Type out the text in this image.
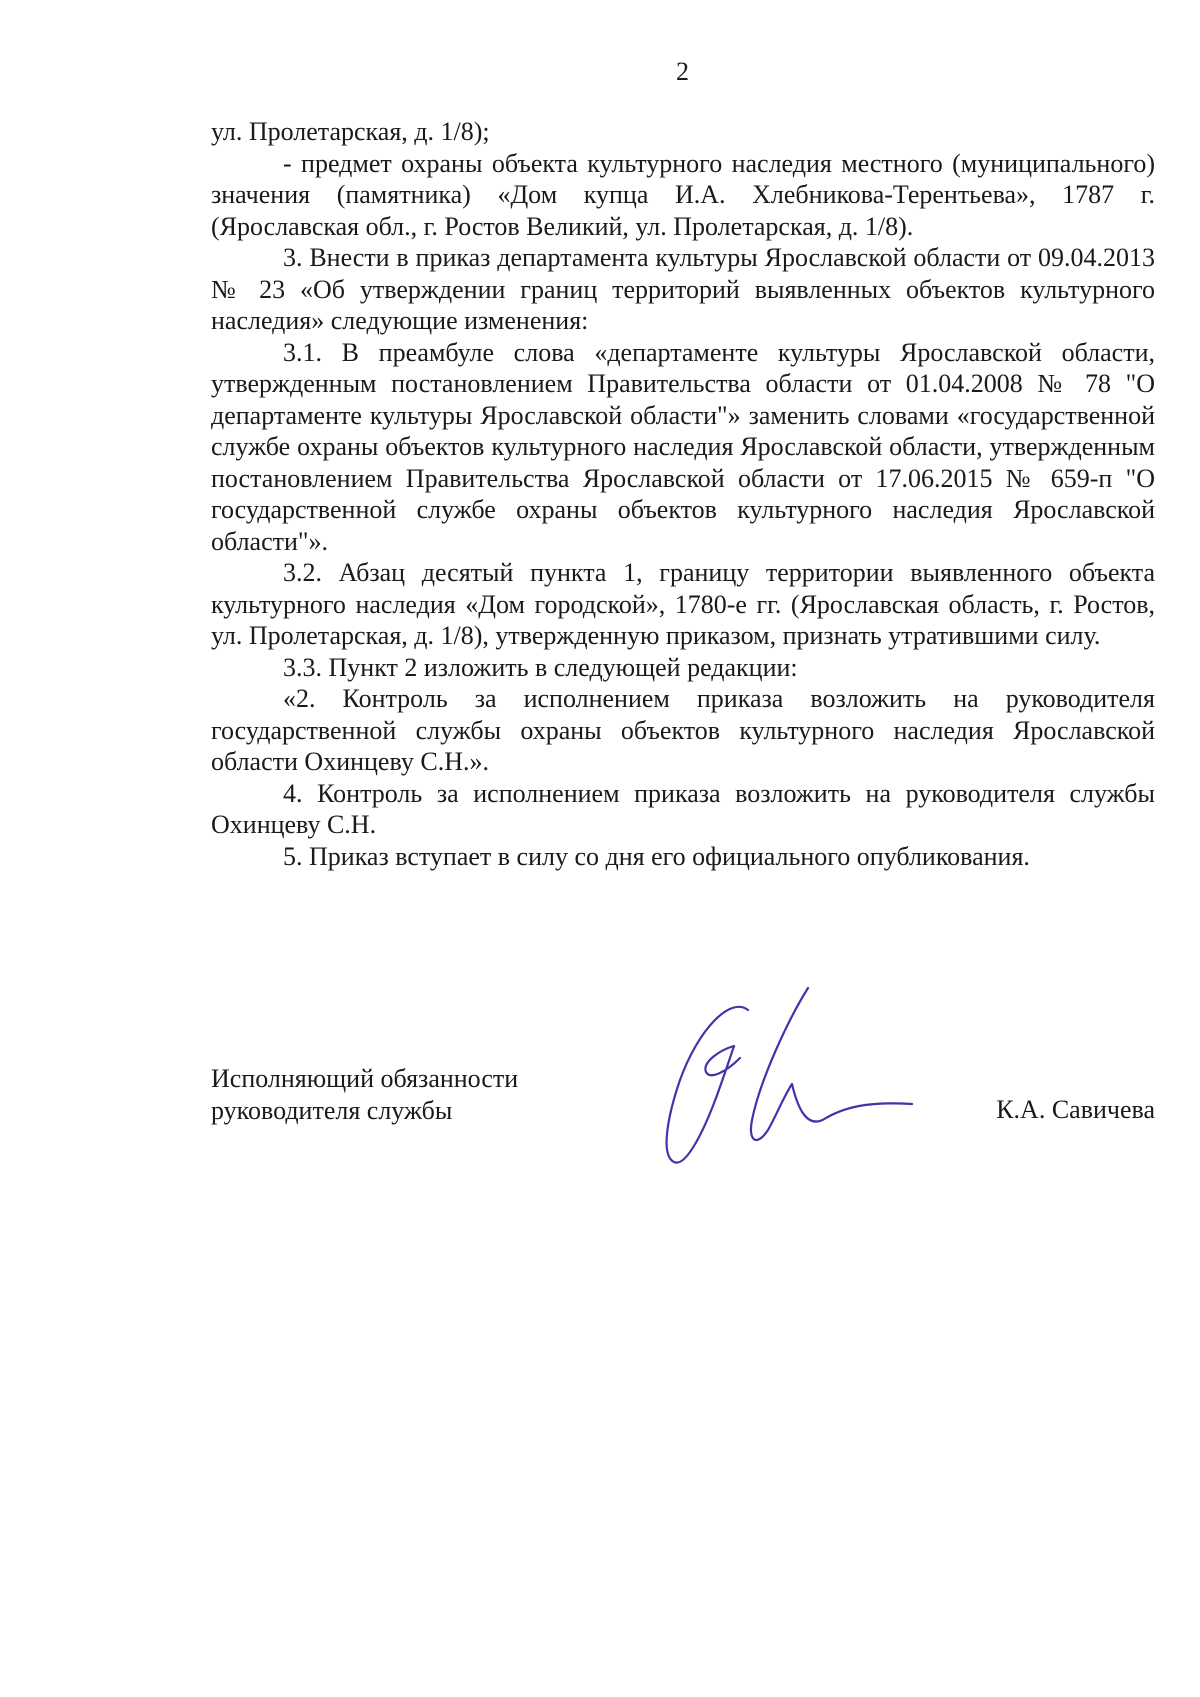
2

ул. Пролетарская, д. 1/8);

- предмет охраны объекта культурного наследия местного (муниципального) значения (памятника) «Дом купца И.А. Хлебникова-Терентьева», 1787 г. (Ярославская обл., г. Ростов Великий, ул. Пролетарская, д. 1/8).

3. Внести в приказ департамента культуры Ярославской области от 09.04.2013 № 23 «Об утверждении границ территорий выявленных объектов культурного наследия» следующие изменения:

3.1. В преамбуле слова «департаменте культуры Ярославской области, утвержденным постановлением Правительства области от 01.04.2008 № 78 "О департаменте культуры Ярославской области"» заменить словами «государственной службе охраны объектов культурного наследия Ярославской области, утвержденным постановлением Правительства Ярославской области от 17.06.2015 № 659-п "О государственной службе охраны объектов культурного наследия Ярославской области"».

3.2. Абзац десятый пункта 1, границу территории выявленного объекта культурного наследия «Дом городской», 1780-е гг. (Ярославская область, г. Ростов, ул. Пролетарская, д. 1/8), утвержденную приказом, признать утратившими силу.

3.3. Пункт 2 изложить в следующей редакции:

«2. Контроль за исполнением приказа возложить на руководителя государственной службы охраны объектов культурного наследия Ярославской области Охинцеву С.Н.».

4. Контроль за исполнением приказа возложить на руководителя службы Охинцеву С.Н.

5. Приказ вступает в силу со дня его официального опубликования.

Исполняющий обязанности
руководителя службы	К.А. Савичева
